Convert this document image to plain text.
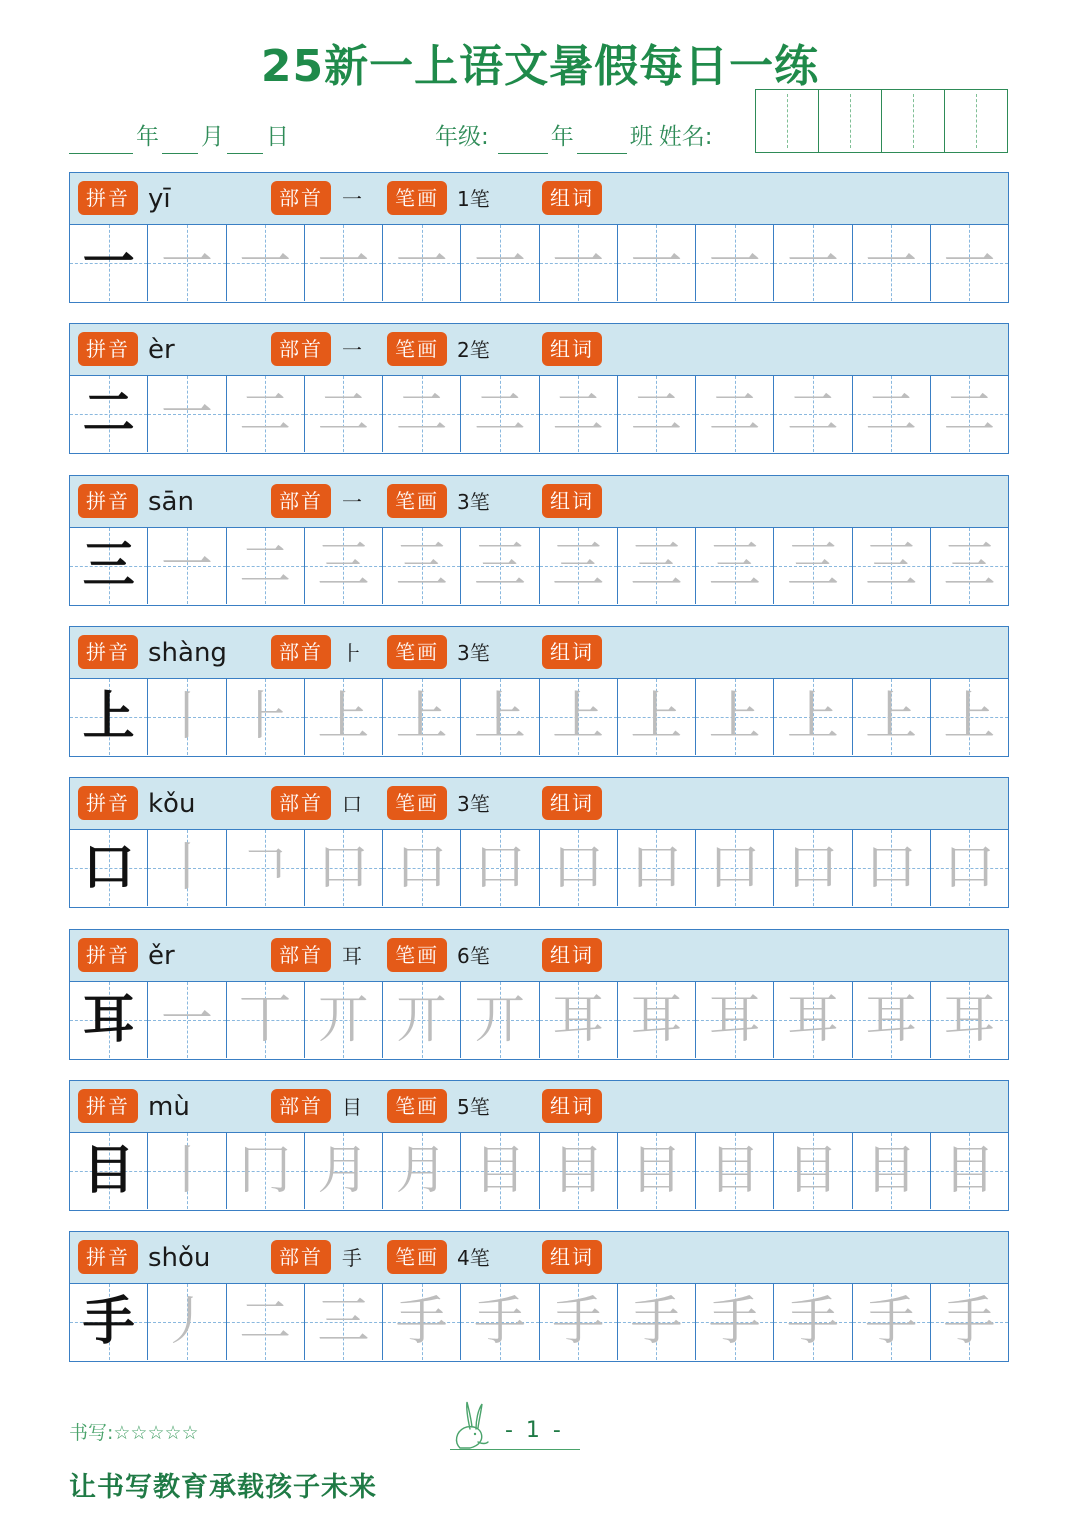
25新一上语文暑假每日一练
年 月 日	年级:	年 班 姓名:
拼音 yī	部首 一	笔画 1笔	组词
一 一 一 一 一 一 一 一 一 一 一 一
拼音 èr	部首 一	笔画 2笔	组词
二 一 二 二 二 二 二 二 二 二 二 二
拼音 sān	部首 一	笔画 3笔	组词
三 一 二 三 三 三 三 三 三 三 三 三
拼音 shàng	部首 ⺊	笔画 3笔	组词
上 丨 ⺊ 上 上 上 上 上 上 上 上 上
拼音 kǒu	部首 口	笔画 3笔	组词
口 丨 𠃍 口 口 口 口 口 口 口 口 口
拼音 ěr	部首 耳	笔画 6笔	组词
耳 一 丅 丌 丌 丌 耳 耳 耳 耳 耳 耳
拼音 mù	部首 目	笔画 5笔	组词
目 丨 冂 月 月 目 目 目 目 目 目 目
拼音 shǒu	部首 手	笔画 4笔	组词
手 丿 二 三 手 手 手 手 手 手 手 手
书写:☆☆☆☆☆	- 1 -
让书写教育承载孩子未来
